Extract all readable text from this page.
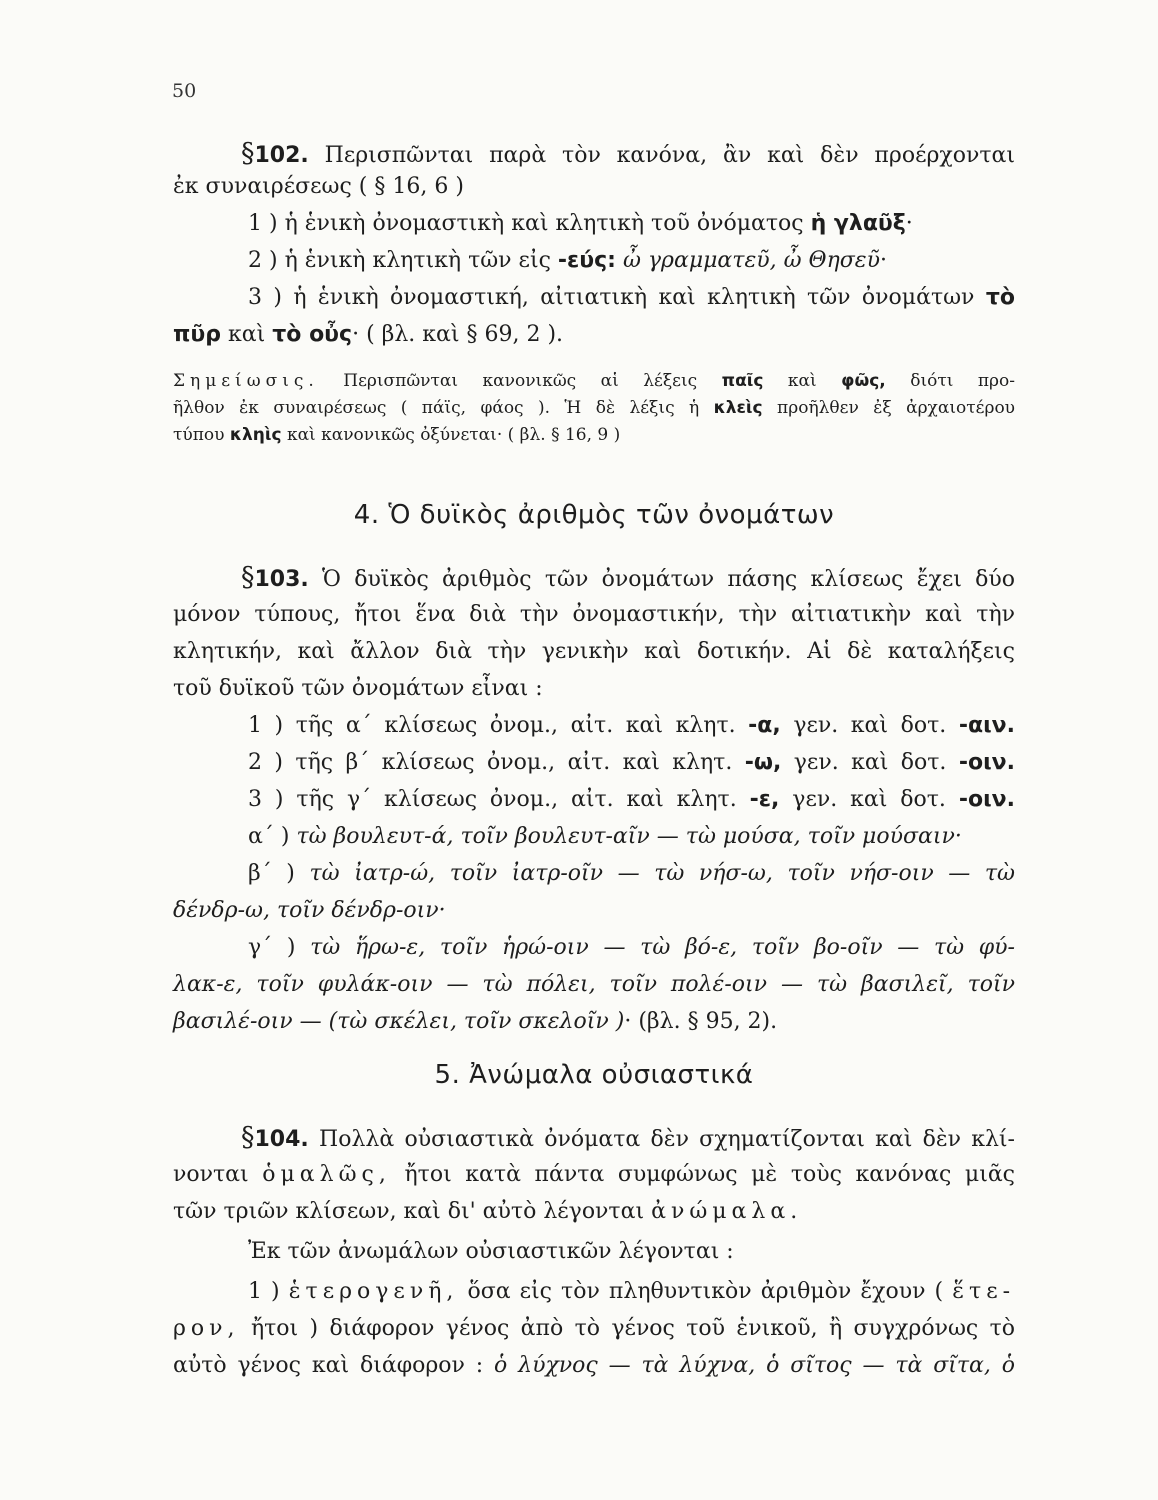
50
§102. Περισπῶνται παρὰ τὸν κανόνα, ἂν καὶ δὲν προέρχονται
ἐκ συναιρέσεως ( § 16, 6 )
1 ) ἡ ἑνικὴ ὀνομαστικὴ καὶ κλητικὴ τοῦ ὀνόματος ἡ γλαῦξ·
2 ) ἡ ἑνικὴ κλητικὴ τῶν εἰς -εύς: ὦ γραμματεῦ, ὦ Θησεῦ·
3 ) ἡ ἑνικὴ ὀνομαστική, αἰτιατικὴ καὶ κλητικὴ τῶν ὀνομάτων τὸ
πῦρ καὶ τὸ οὖς· ( βλ. καὶ § 69, 2 ).
Σημείωσις. Περισπῶνται κανονικῶς αἱ λέξεις παῖς καὶ φῶς, διότι προ-
ῆλθον ἐκ συναιρέσεως ( πάϊς, φάος ). Ἡ δὲ λέξις ἡ κλεὶς προῆλθεν ἐξ ἀρχαιοτέρου
τύπου κληὶς καὶ κανονικῶς ὀξύνεται· ( βλ. § 16, 9 )
4. Ὁ δυϊκὸς ἀριθμὸς τῶν ὀνομάτων
§103. Ὁ δυϊκὸς ἀριθμὸς τῶν ὀνομάτων πάσης κλίσεως ἔχει δύο
μόνον τύπους, ἤτοι ἕνα διὰ τὴν ὀνομαστικήν, τὴν αἰτιατικὴν καὶ τὴν
κλητικήν, καὶ ἄλλον διὰ τὴν γενικὴν καὶ δοτικήν. Αἱ δὲ καταλήξεις
τοῦ δυϊκοῦ τῶν ὀνομάτων εἶναι :
1 ) τῆς α΄ κλίσεως ὀνομ., αἰτ. καὶ κλητ. -α, γεν. καὶ δοτ. -αιν.
2 ) τῆς β΄ κλίσεως ὀνομ., αἰτ. καὶ κλητ. -ω, γεν. καὶ δοτ. -οιν.
3 ) τῆς γ΄ κλίσεως ὀνομ., αἰτ. καὶ κλητ. -ε, γεν. καὶ δοτ. -οιν.
α΄ ) τὼ βουλευτ-ά, τοῖν βουλευτ-αῖν — τὼ μούσα, τοῖν μούσαιν·
β΄ ) τὼ ἰατρ-ώ, τοῖν ἰατρ-οῖν — τὼ νήσ-ω, τοῖν νήσ-οιν — τὼ
δένδρ-ω, τοῖν δένδρ-οιν·
γ΄ ) τὼ ἥρω-ε, τοῖν ἡρώ-οιν — τὼ βό-ε, τοῖν βο-οῖν — τὼ φύ-
λακ-ε, τοῖν φυλάκ-οιν — τὼ πόλει, τοῖν πολέ-οιν — τὼ βασιλεῖ, τοῖν
βασιλέ-οιν — (τὼ σκέλει, τοῖν σκελοῖν )· (βλ. § 95, 2).
5. Ἀνώμαλα οὐσιαστικά
§104. Πολλὰ οὐσιαστικὰ ὀνόματα δὲν σχηματίζονται καὶ δὲν κλί-
νονται ὁμαλῶς, ἤτοι κατὰ πάντα συμφώνως μὲ τοὺς κανόνας μιᾶς
τῶν τριῶν κλίσεων, καὶ δι' αὐτὸ λέγονται ἀνώμαλα.
Ἐκ τῶν ἀνωμάλων οὐσιαστικῶν λέγονται :
1 ) ἑτερογενῆ, ὅσα εἰς τὸν πληθυντικὸν ἀριθμὸν ἔχουν ( ἕτε-
ρον, ἤτοι ) διάφορον γένος ἀπὸ τὸ γένος τοῦ ἑνικοῦ, ἢ συγχρόνως τὸ
αὐτὸ γένος καὶ διάφορον : ὁ λύχνος — τὰ λύχνα, ὁ σῖτος — τὰ σῖτα, ὁ
